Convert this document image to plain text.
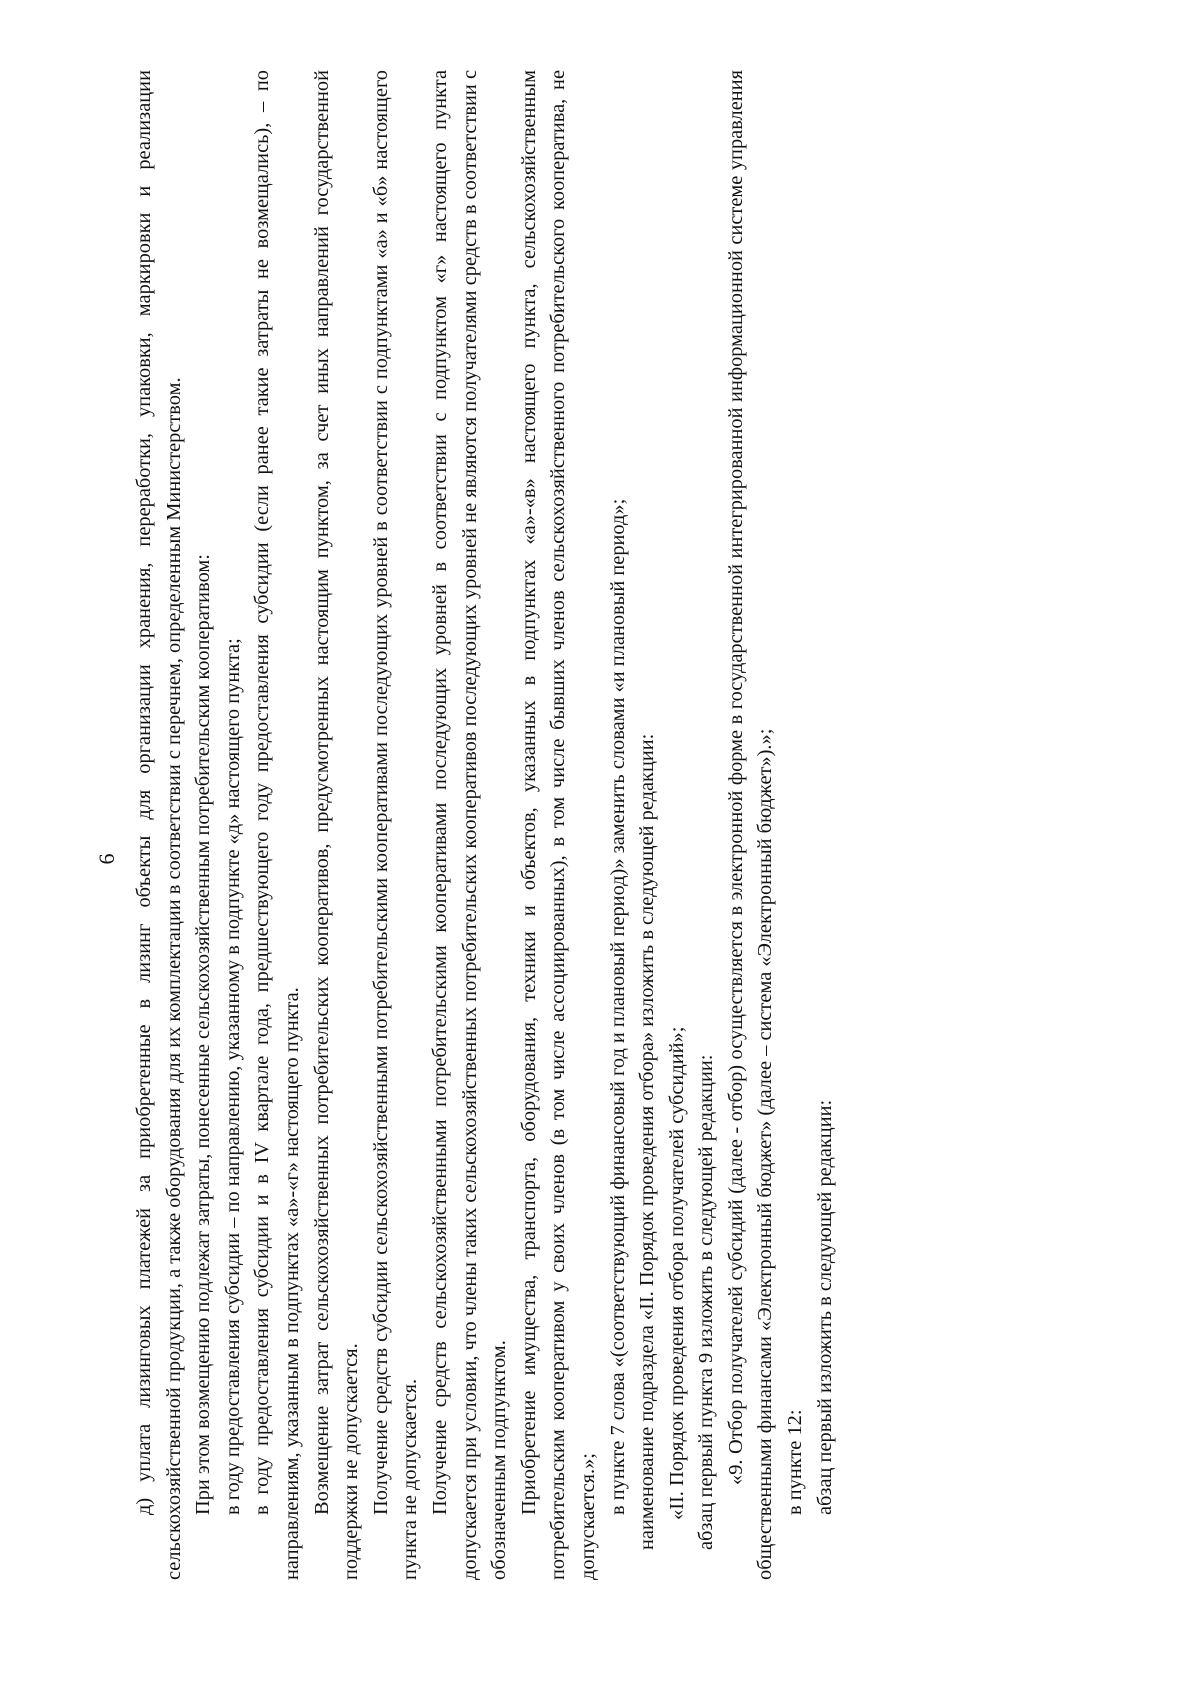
6 д) уплата лизинговых платежей за приобретенные в лизинг объекты для организации хранения, переработки, упаковки, маркировки и реализации сельскохозяйственной продукции, а также оборудования для их комплектации в соответствии с перечнем, определенным Министерством. При этом возмещению подлежат затраты, понесенные сельскохозяйственным потребительским кооперативом: в году предоставления субсидии – по направлению, указанному в подпункте «д» настоящего пункта; в году предоставления субсидии и в IV квартале года, предшествующего году предоставления субсидии (если ранее такие затраты не возмещались), – по направлениям, указанным в подпунктах «а»-«г» настоящего пункта. Возмещение затрат сельскохозяйственных потребительских кооперативов, предусмотренных настоящим пунктом, за счет иных направлений государственной поддержки не допускается. Получение средств субсидии сельскохозяйственными потребительскими кооперативами последующих уровней в соответствии с подпунктами «а» и «б» настоящего пункта не допускается. Получение средств сельскохозяйственными потребительскими кооперативами последующих уровней в соответствии с подпунктом «г» настоящего пункта допускается при условии, что члены таких сельскохозяйственных потребительских кооперативов последующих уровней не являются получателями средств в соответствии с обозначенным подпунктом. Приобретение имущества, транспорта, оборудования, техники и объектов, указанных в подпунктах «а»-«в» настоящего пункта, сельскохозяйственным потребительским кооперативом у своих членов (в том числе ассоциированных), в том числе бывших членов сельскохозяйственного потребительского кооператива, не допускается.»;

в пункте 7 слова «(соответствующий финансовый год и плановый период)» заменить словами «и плановый период»; наименование подраздела «II. Порядок проведения отбора» изложить в следующей редакции: «II. Порядок проведения отбора получателей субсидий»; абзац первый пункта 9 изложить в следующей редакции: «9. Отбор получателей субсидий (далее - отбор) осуществляется в электронной форме в государственной интегрированной информационной системе управления общественными финансами «Электронный бюджет» (далее – система «Электронный бюджет»).»; в пункте 12: абзац первый изложить в следующей редакции:
